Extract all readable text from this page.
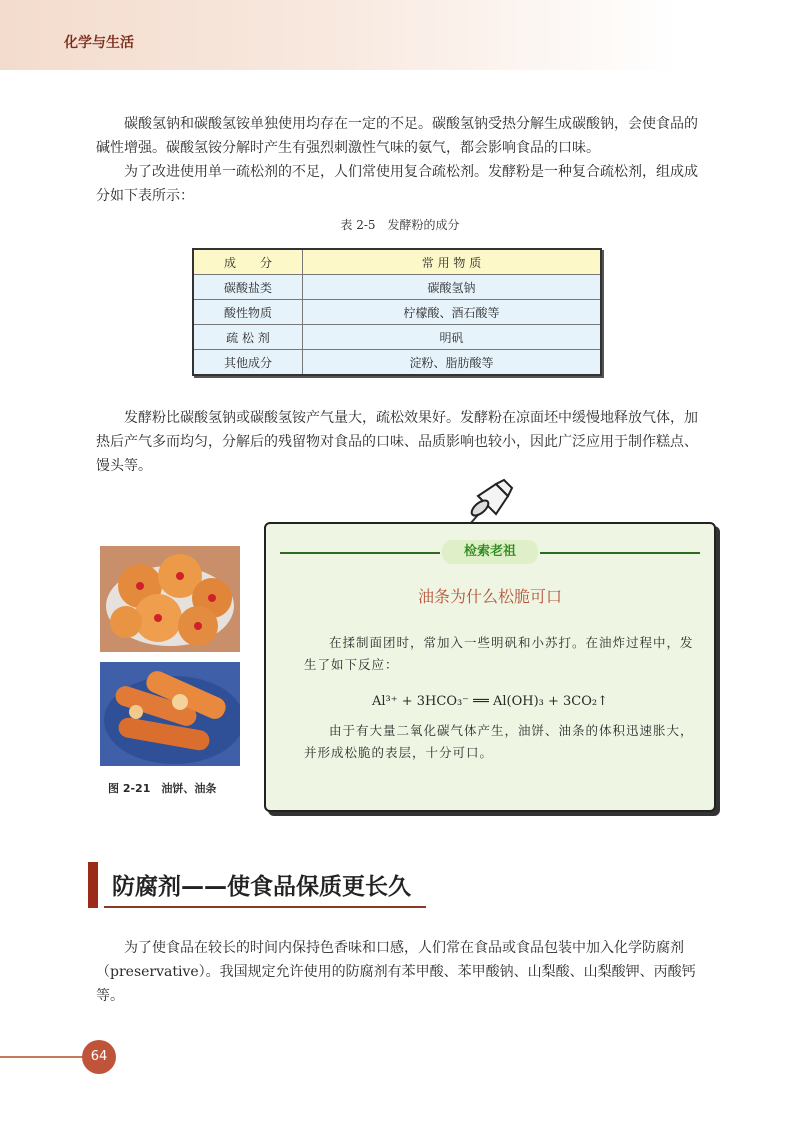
化学与生活

碳酸氢钠和碳酸氢铵单独使用均存在一定的不足。碳酸氢钠受热分解生成碳酸钠，会使食品的碱性增强。碳酸氢铵分解时产生有强烈刺激性气味的氨气，都会影响食品的口味。

为了改进使用单一疏松剂的不足，人们常使用复合疏松剂。发酵粉是一种复合疏松剂，组成成分如下表所示：

表 2-5　发酵粉的成分
成　　分	常 用 物 质
碳酸盐类	碳酸氢钠
酸性物质	柠檬酸、酒石酸等
疏 松 剂	明矾
其他成分	淀粉、脂肪酸等

发酵粉比碳酸氢钠或碳酸氢铵产气量大，疏松效果好。发酵粉在凉面坯中缓慢地释放气体，加热后产气多而均匀，分解后的残留物对食品的口味、品质影响也较小，因此广泛应用于制作糕点、馒头等。

图 2-21　油饼、油条
检索老祖
油条为什么松脆可口

在揉制面团时，常加入一些明矾和小苏打。在油炸过程中，发生了如下反应：

Al³⁺ + 3HCO₃⁻ ══ Al(OH)₃ + 3CO₂↑

由于有大量二氧化碳气体产生，油饼、油条的体积迅速胀大，并形成松脆的表层，十分可口。

防腐剂——使食品保质更长久

为了使食品在较长的时间内保持色香味和口感，人们常在食品或食品包装中加入化学防腐剂（preservative）。我国规定允许使用的防腐剂有苯甲酸、苯甲酸钠、山梨酸、山梨酸钾、丙酸钙等。

64
